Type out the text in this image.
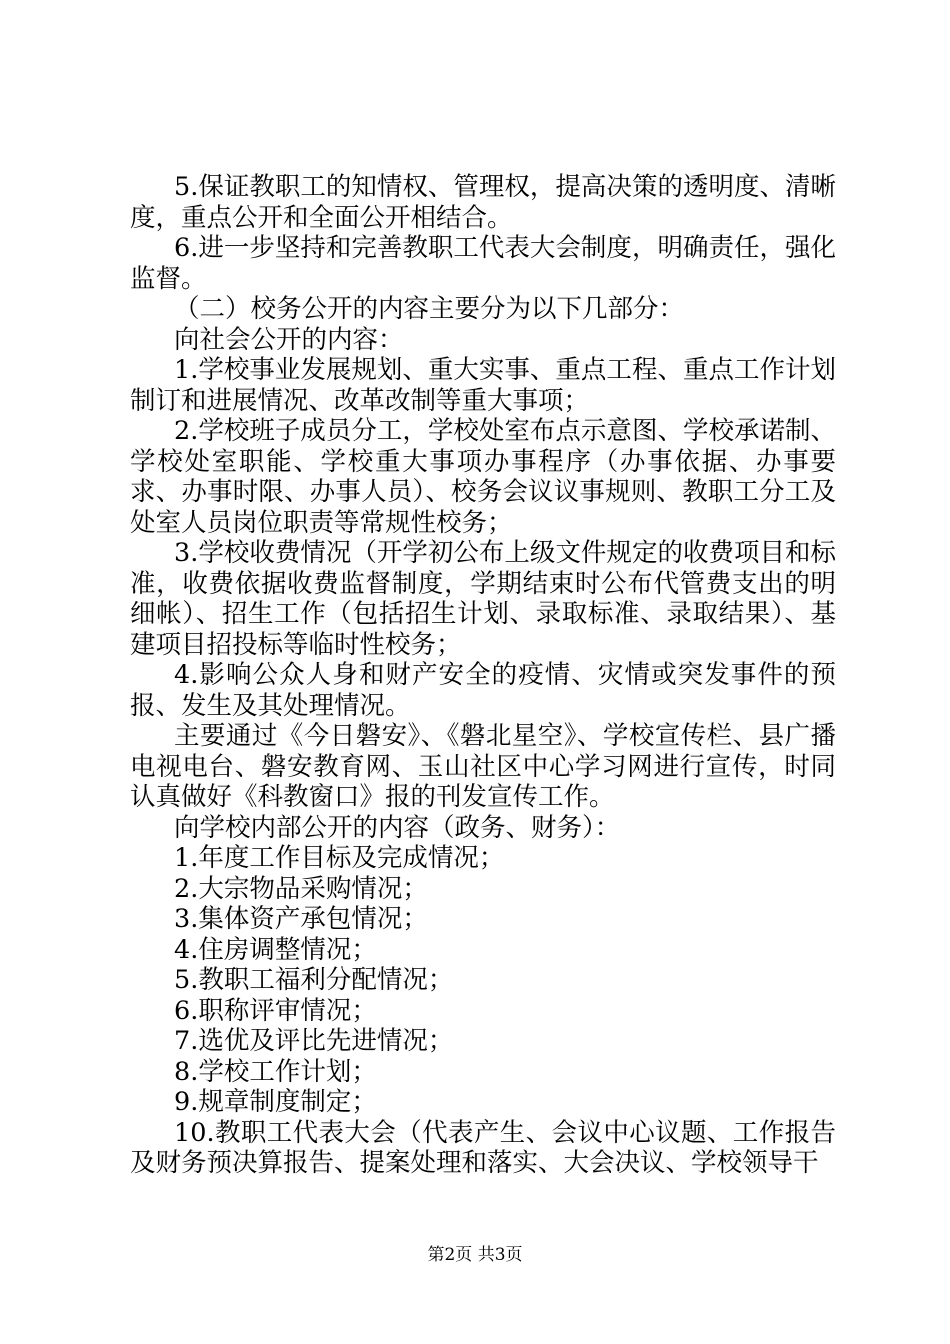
5.保证教职工的知情权、管理权，提高决策的透明度、清晰度，重点公开和全面公开相结合。

6.进一步坚持和完善教职工代表大会制度，明确责任，强化监督。

（二）校务公开的内容主要分为以下几部分：

向社会公开的内容：

1.学校事业发展规划、重大实事、重点工程、重点工作计划制订和进展情况、改革改制等重大事项；

2.学校班子成员分工，学校处室布点示意图、学校承诺制、学校处室职能、学校重大事项办事程序（办事依据、办事要求、办事时限、办事人员）、校务会议议事规则、教职工分工及处室人员岗位职责等常规性校务；

3.学校收费情况（开学初公布上级文件规定的收费项目和标准，收费依据收费监督制度，学期结束时公布代管费支出的明细帐）、招生工作（包括招生计划、录取标准、录取结果）、基建项目招投标等临时性校务；

4.影响公众人身和财产安全的疫情、灾情或突发事件的预报、发生及其处理情况。

主要通过《今日磐安》、《磐北星空》、学校宣传栏、县广播电视电台、磐安教育网、玉山社区中心学习网进行宣传，时同认真做好《科教窗口》报的刊发宣传工作。

向学校内部公开的内容（政务、财务）：

1.年度工作目标及完成情况；

2.大宗物品采购情况；

3.集体资产承包情况；

4.住房调整情况；

5.教职工福利分配情况；

6.职称评审情况；

7.选优及评比先进情况；

8.学校工作计划；

9.规章制度制定；

10.教职工代表大会（代表产生、会议中心议题、工作报告及财务预决算报告、提案处理和落实、大会决议、学校领导干

第2页 共3页
